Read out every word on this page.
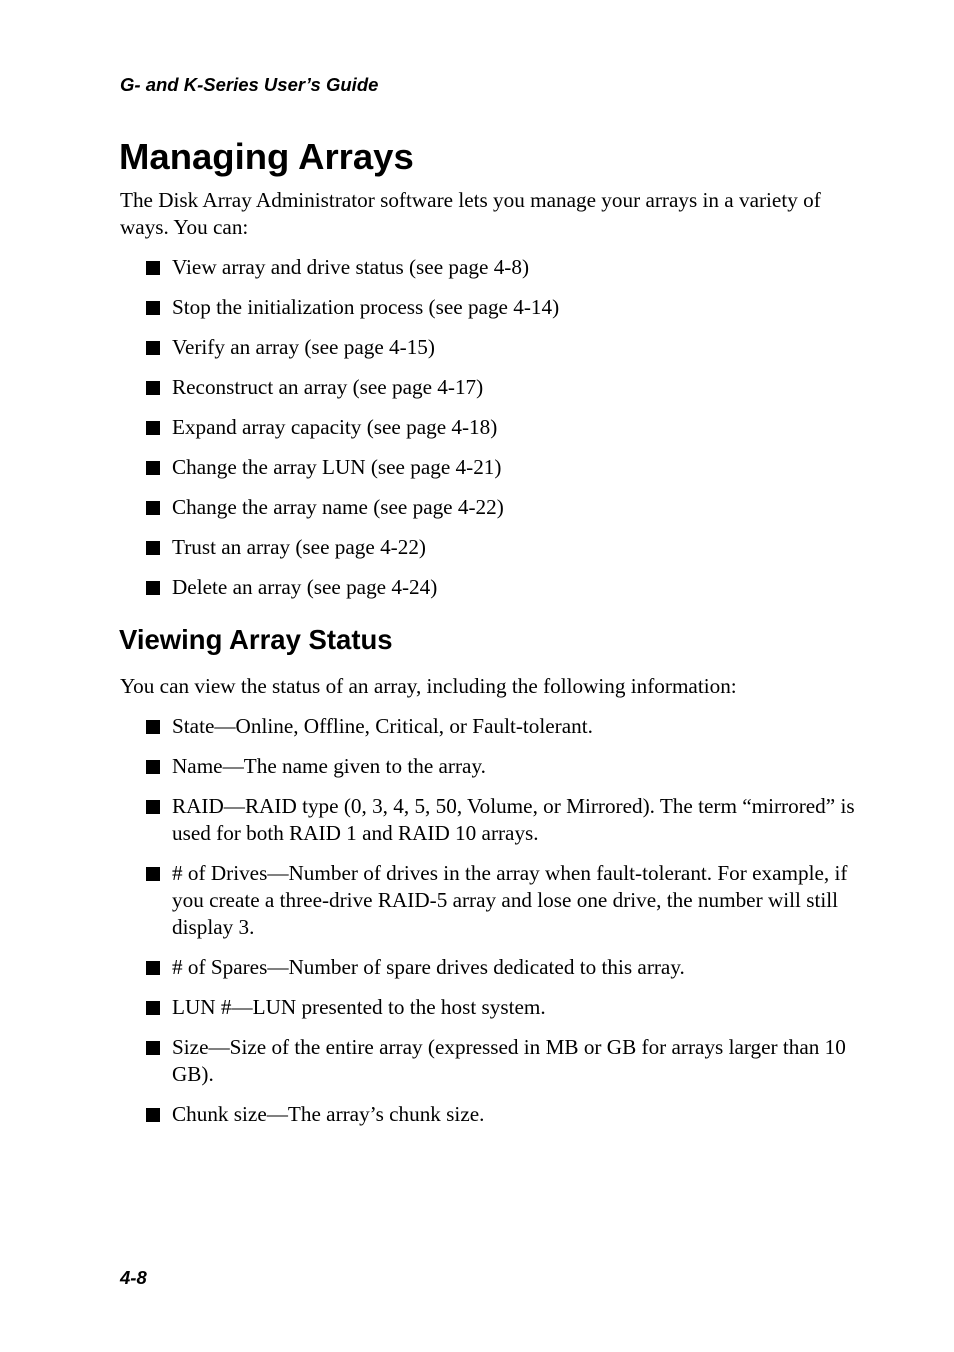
G- and K-Series User’s Guide
Managing Arrays

The Disk Array Administrator software lets you manage your arrays in a variety of ways. You can:

View array and drive status (see page 4-8)
Stop the initialization process (see page 4-14)
Verify an array (see page 4-15)
Reconstruct an array (see page 4-17)
Expand array capacity (see page 4-18)
Change the array LUN (see page 4-21)
Change the array name (see page 4-22)
Trust an array (see page 4-22)
Delete an array (see page 4-24)
Viewing Array Status

You can view the status of an array, including the following information:

State—Online, Offline, Critical, or Fault-tolerant.
Name—The name given to the array.
RAID—RAID type (0, 3, 4, 5, 50, Volume, or Mirrored). The term “mirrored” is used for both RAID 1 and RAID 10 arrays.
# of Drives—Number of drives in the array when fault-tolerant. For example, if you create a three-drive RAID-5 array and lose one drive, the number will still display 3.
# of Spares—Number of spare drives dedicated to this array.
LUN #—LUN presented to the host system.
Size—Size of the entire array (expressed in MB or GB for arrays larger than 10 GB).
Chunk size—The array’s chunk size.
4-8
